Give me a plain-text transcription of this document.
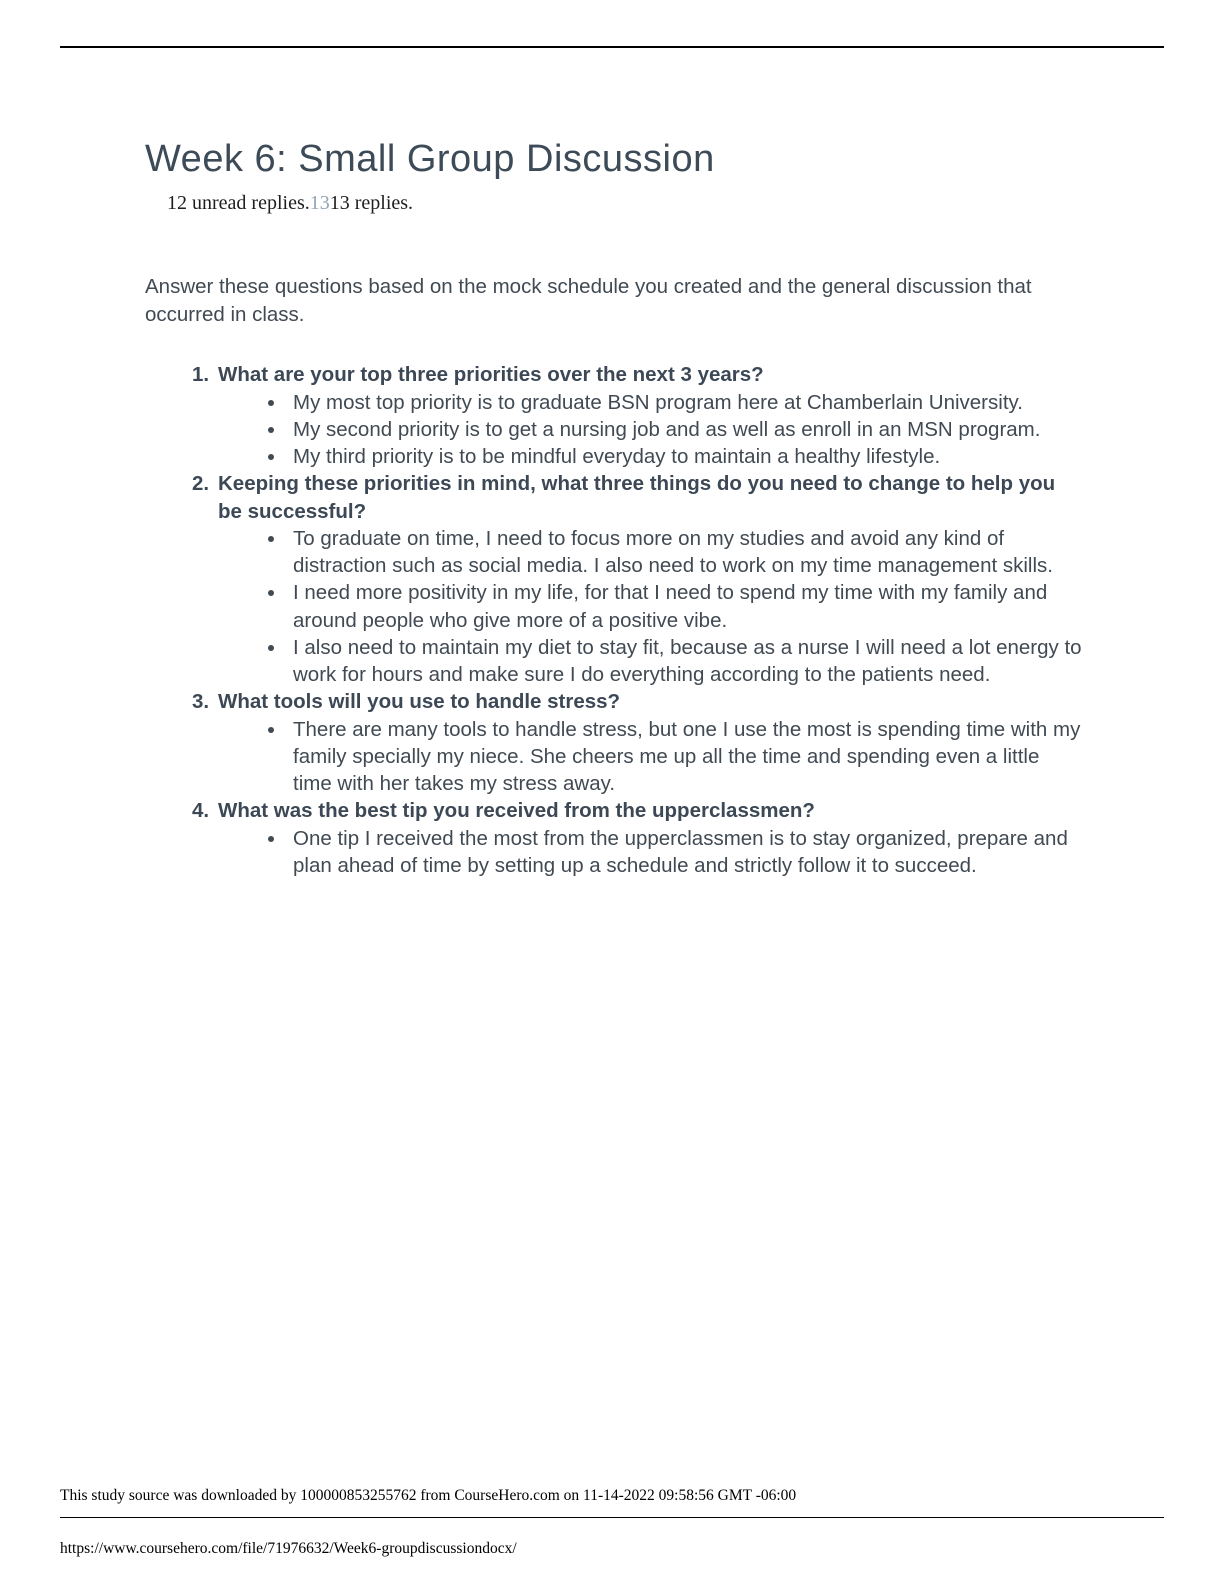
Week 6: Small Group Discussion
12 unread replies.1313 replies.
Answer these questions based on the mock schedule you created and the general discussion that occurred in class.
1. What are your top three priorities over the next 3 years?
• My most top priority is to graduate BSN program here at Chamberlain University.
• My second priority is to get a nursing job and as well as enroll in an MSN program.
• My third priority is to be mindful everyday to maintain a healthy lifestyle.
2. Keeping these priorities in mind, what three things do you need to change to help you be successful?
• To graduate on time, I need to focus more on my studies and avoid any kind of distraction such as social media. I also need to work on my time management skills.
• I need more positivity in my life, for that I need to spend my time with my family and around people who give more of a positive vibe.
• I also need to maintain my diet to stay fit, because as a nurse I will need a lot energy to work for hours and make sure I do everything according to the patients need.
3. What tools will you use to handle stress?
• There are many tools to handle stress, but one I use the most is spending time with my family specially my niece. She cheers me up all the time and spending even a little time with her takes my stress away.
4. What was the best tip you received from the upperclassmen?
• One tip I received the most from the upperclassmen is to stay organized, prepare and plan ahead of time by setting up a schedule and strictly follow it to succeed.
This study source was downloaded by 100000853255762 from CourseHero.com on 11-14-2022 09:58:56 GMT -06:00
https://www.coursehero.com/file/71976632/Week6-groupdiscussiondocx/
